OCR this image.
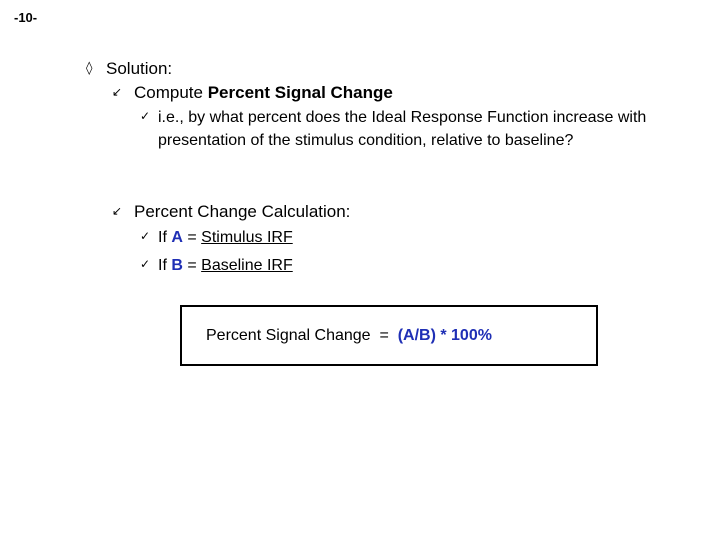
-10-
◊ Solution:
↙ Compute Percent Signal Change
✓ i.e., by what percent does the Ideal Response Function increase with presentation of the stimulus condition, relative to baseline?
↙ Percent Change Calculation:
✓ If A = Stimulus IRF
✓ If B = Baseline IRF
Percent Signal Change  =  (A/B) * 100%
